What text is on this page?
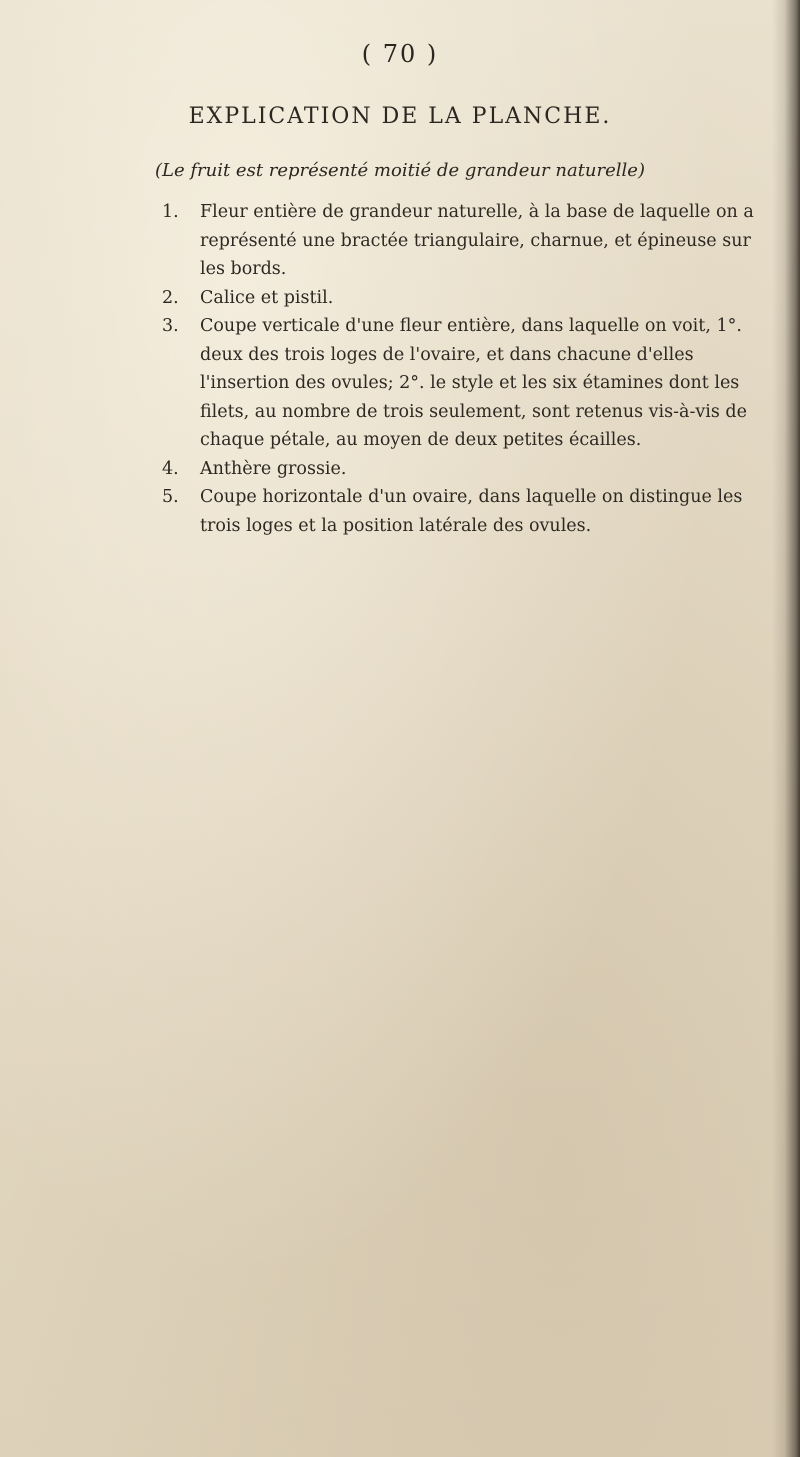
( 70 )
EXPLICATION DE LA PLANCHE.
(Le fruit est représenté moitié de grandeur naturelle)
1.	Fleur entière de grandeur naturelle, à la base de laquelle on a représenté une bractée triangulaire, charnue, et épineuse sur les bords.
2.	Calice et pistil.
3.	Coupe verticale d'une fleur entière, dans laquelle on voit, 1°. deux des trois loges de l'ovaire, et dans chacune d'elles l'insertion des ovules; 2°. le style et les six étamines dont les filets, au nombre de trois seulement, sont retenus vis-à-vis de chaque pétale, au moyen de deux petites écailles.
4.	Anthère grossie.
5.	Coupe horizontale d'un ovaire, dans laquelle on distingue les trois loges et la position latérale des ovules.
